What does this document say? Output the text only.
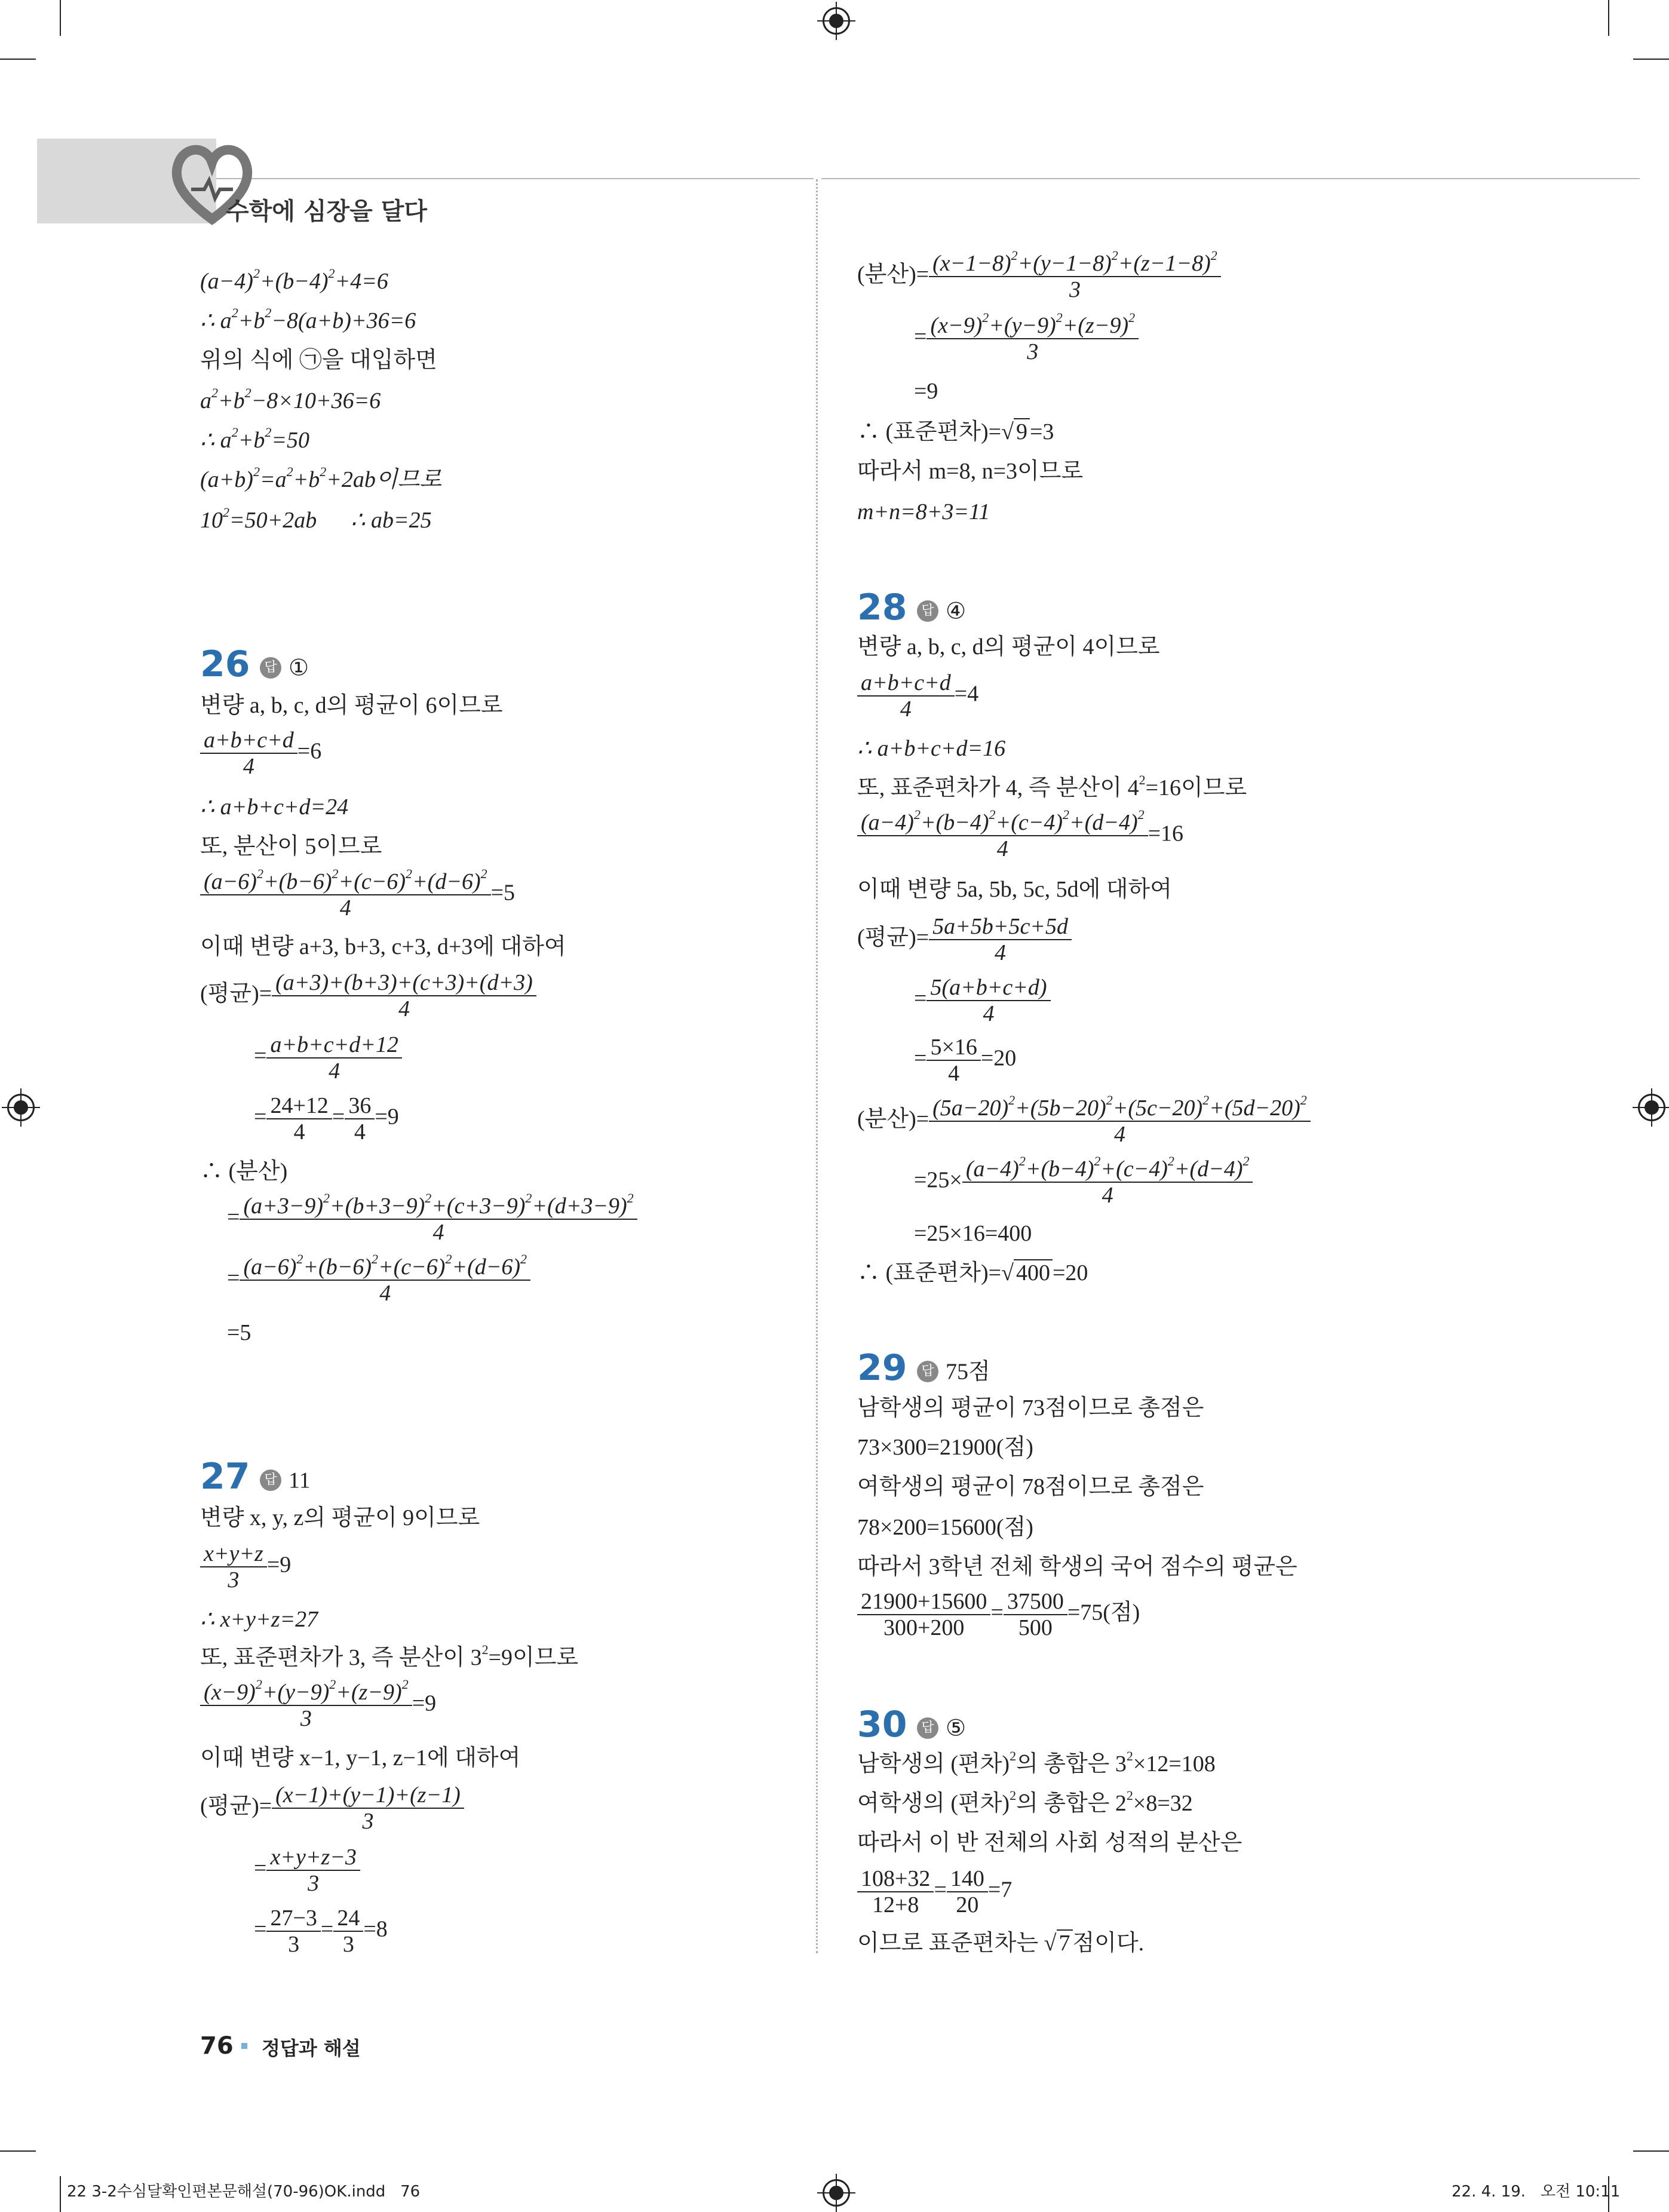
수학에 심장을 달다
$(a-4)^2+(b-4)^2+4=6$
∴ $a^2+b^2-8(a+b)+36=6$
위의 식에 ㉠을 대입하면
$a^2+b^2-8\times 10+36=6$
∴ $a^2+b^2=50$
$(a+b)^2=a^2+b^2+2ab$이므로
$10^2=50+2ab$      ∴ ab=25
26	답 ①
변량 a, b, c, d의 평균이 6이므로
$\frac{a+b+c+d}{4} =6$
∴ a+b+c+d=24
또, 분산이 5이므로
$\frac{(a-6)^2+(b-6)^2+(c-6)^2+(d-6)^2}{4} =5$
이때 변량 a+3, b+3, c+3, d+3에 대하여
(평균)= $\frac{(a+3)+(b+3)+(c+3)+(d+3)}{4}$
= $\frac{a+b+c+d+12}{4}$
= $\frac{24+12}{4} = \frac{36}{4} =9$
∴ (분산)
= $\frac{(a+3-9)^2+(b+3-9)^2+(c+3-9)^2+(d+3-9)^2}{4}$
= $\frac{(a-6)^2+(b-6)^2+(c-6)^2+(d-6)^2}{4}$
=5
27	답 11
변량 x, y, z의 평균이 9이므로
$\frac{x+y+z}{3} =9$
∴ x+y+z=27
또, 표준편차가 3, 즉 분산이 $3^2=9$이므로
$\frac{(x-9)^2+(y-9)^2+(z-9)^2}{3} =9$
이때 변량 x−1, y−1, z−1에 대하여
(평균)= $\frac{(x-1)+(y-1)+(z-1)}{3}$
= $\frac{x+y+z-3}{3}$
= $\frac{27-3}{3} = \frac{24}{3} =8$
(분산)= $\frac{(x-1-8)^2+(y-1-8)^2+(z-1-8)^2}{3}$
= $\frac{(x-9)^2+(y-9)^2+(z-9)^2}{3}$
=9
∴ (표준편차)=√ 9 =3
따라서 m=8, n=3이므로
m+n=8+3=11
28	답 ④
변량 a, b, c, d의 평균이 4이므로
$\frac{a+b+c+d}{4} =4$
∴ a+b+c+d=16
또, 표준편차가 4, 즉 분산이 $4^2=16$이므로
$\frac{(a-4)^2+(b-4)^2+(c-4)^2+(d-4)^2}{4} =16$
이때 변량 5a, 5b, 5c, 5d에 대하여
(평균)= $\frac{5a+5b+5c+5d}{4}$
= $\frac{5(a+b+c+d)}{4}$
= $\frac{5\times 16}{4} =20$
(분산)= $\frac{(5a-20)^2+(5b-20)^2+(5c-20)^2+(5d-20)^2}{4}$
$=25\times \frac{(a-4)^2+(b-4)^2+(c-4)^2+(d-4)^2}{4}$
=25×16=400
∴ (표준편차)=√ 400 =20
29	답 75점
남학생의 평균이 73점이므로 총점은
73×300=21900(점)
여학생의 평균이 78점이므로 총점은
78×200=15600(점)
따라서 3학년 전체 학생의 국어 점수의 평균은
$\frac{21900+15600}{300+200} = \frac{37500}{500} =75$(점)
30	답 ⑤
남학생의 (편차)$^2$의 총합은 $3^2\times 12=108$
여학생의 (편차)$^2$의 총합은 $2^2\times 8=32$
따라서 이 반 전체의 사회 성적의 분산은
$\frac{108+32}{12+8} = \frac{140}{20} =7$
이므로 표준편차는 √ 7 점이다.
76 정답과 해설
22 3-2수심달확인편본문해설(70-96)OK.indd   76	22. 4. 19.   오전 10:11
